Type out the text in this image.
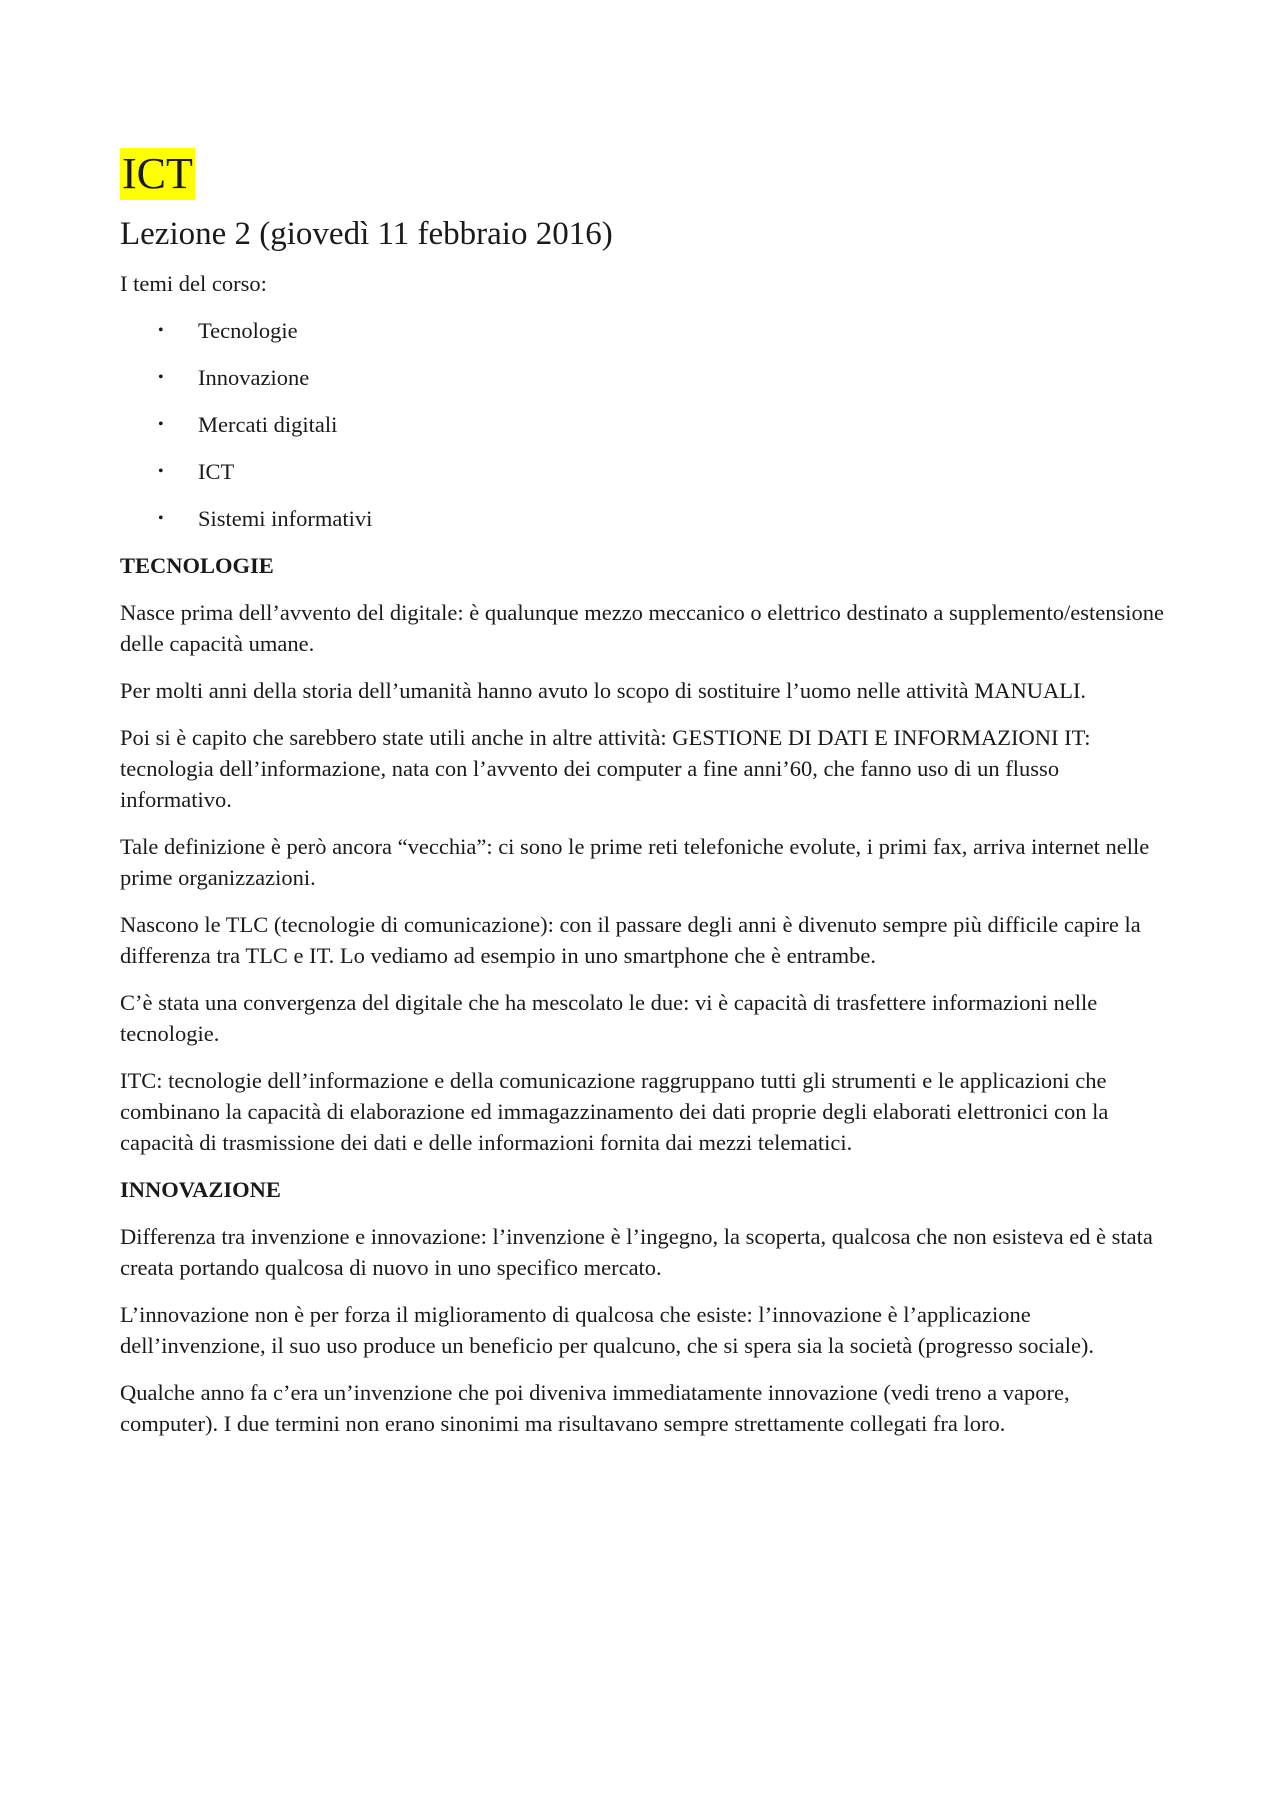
ICT
Lezione 2 (giovedì 11 febbraio 2016)

I temi del corso:

• Tecnologie
• Innovazione
• Mercati digitali
• ICT
• Sistemi informativi
TECNOLOGIE

Nasce prima dell’avvento del digitale: è qualunque mezzo meccanico o elettrico destinato a supplemento/estensione delle capacità umane.

Per molti anni della storia dell’umanità hanno avuto lo scopo di sostituire l’uomo nelle attività MANUALI.

Poi si è capito che sarebbero state utili anche in altre attività: GESTIONE DI DATI E INFORMAZIONI IT: tecnologia dell’informazione, nata con l’avvento dei computer a fine anni’60, che fanno uso di un flusso informativo.

Tale definizione è però ancora “vecchia”: ci sono le prime reti telefoniche evolute, i primi fax, arriva internet nelle prime organizzazioni.

Nascono le TLC (tecnologie di comunicazione): con il passare degli anni è divenuto sempre più difficile capire la differenza tra TLC e IT. Lo vediamo ad esempio in uno smartphone che è entrambe.

C’è stata una convergenza del digitale che ha mescolato le due: vi è capacità di trasfettere informazioni nelle tecnologie.

ITC: tecnologie dell’informazione e della comunicazione raggruppano tutti gli strumenti e le applicazioni che combinano la capacità di elaborazione ed immagazzinamento dei dati proprie degli elaborati elettronici con la capacità di trasmissione dei dati e delle informazioni fornita dai mezzi telematici.

INNOVAZIONE

Differenza tra invenzione e innovazione: l’invenzione è l’ingegno, la scoperta, qualcosa che non esisteva ed è stata creata portando qualcosa di nuovo in uno specifico mercato.

L’innovazione non è per forza il miglioramento di qualcosa che esiste: l’innovazione è l’applicazione dell’invenzione, il suo uso produce un beneficio per qualcuno, che si spera sia la società (progresso sociale).

Qualche anno fa c’era un’invenzione che poi diveniva immediatamente innovazione (vedi treno a vapore, computer). I due termini non erano sinonimi ma risultavano sempre strettamente collegati fra loro.
